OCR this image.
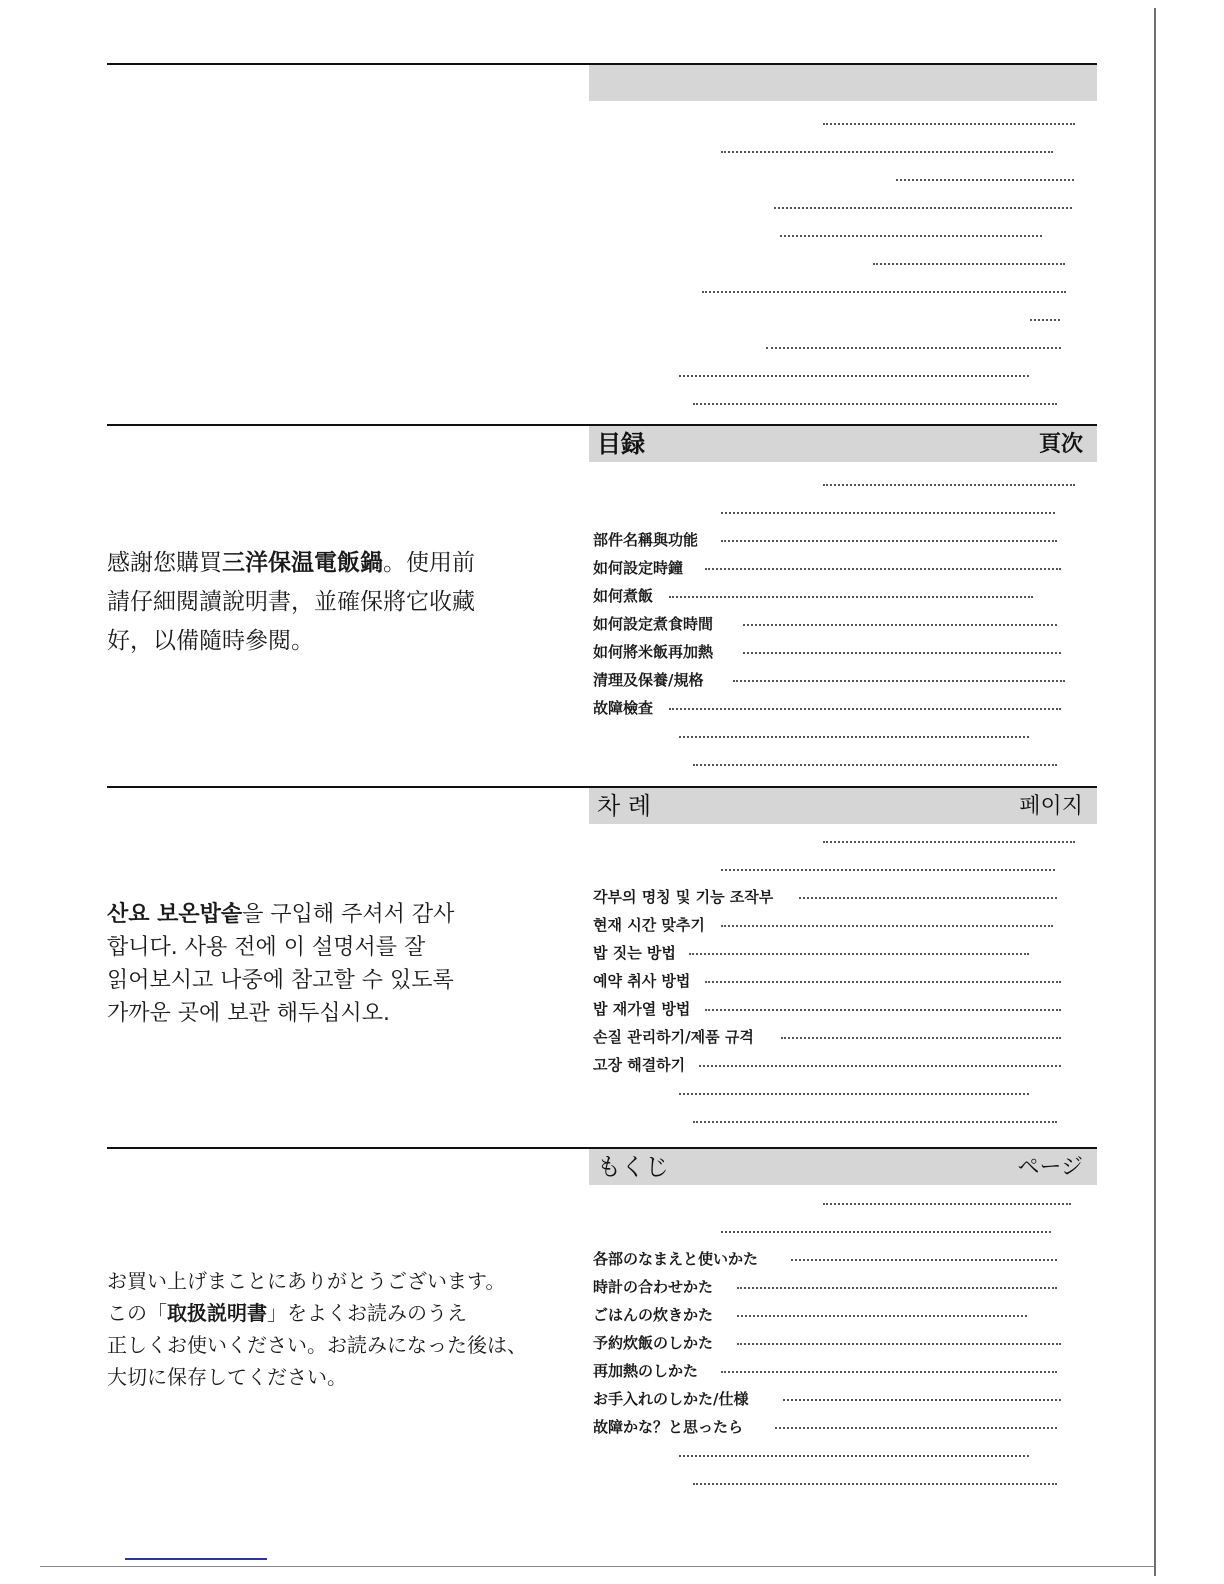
目録	頁次
部件名稱與功能
如何設定時鐘
如何煮飯
如何設定煮食時間
如何將米飯再加熱
清理及保養/規格
故障檢查

感謝您購買三洋保温電飯鍋。使用前

請仔細閱讀說明書，並確保將它收藏

好，以備隨時參閱。

차 례	페이지
각부의 명칭 및 기능 조작부
현재 시간 맞추기
밥 짓는 방법
예약 취사 방법
밥 재가열 방법
손질 관리하기/제품 규격
고장 해결하기

산요 보온밥솥을 구입해 주셔서 감사

합니다. 사용 전에 이 설명서를 잘

읽어보시고 나중에 참고할 수 있도록

가까운 곳에 보관 해두십시오.

もくじ	ページ
各部のなまえと使いかた
時計の合わせかた
ごはんの炊きかた
予約炊飯のしかた
再加熱のしかた
お手入れのしかた/仕様
故障かな？と思ったら

お買い上げまことにありがとうございます。

この「取扱説明書」をよくお読みのうえ

正しくお使いください。お読みになった後は、

大切に保存してください。
